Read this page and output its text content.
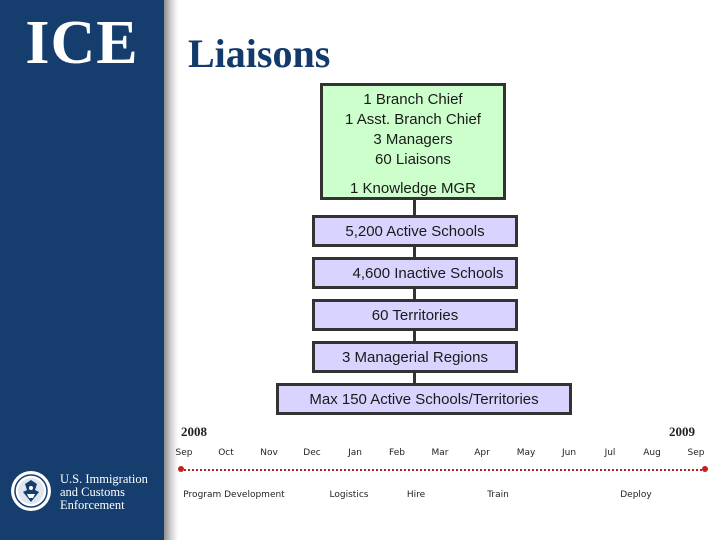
ICE
U.S. Immigration
and Customs
Enforcement
Liaisons
1 Branch Chief
1 Asst. Branch Chief
3 Managers
60 Liaisons
1 Knowledge MGR
5,200 Active Schools
4,600 Inactive Schools
60 Territories
3 Managerial Regions
Max 150 Active Schools/Territories
2008	2009
Sep	Oct	Nov	Dec	Jan	Feb	Mar	Apr	May	Jun	Jul	Aug	Sep
Program Development	Logistics	Hire	Train	Deploy
